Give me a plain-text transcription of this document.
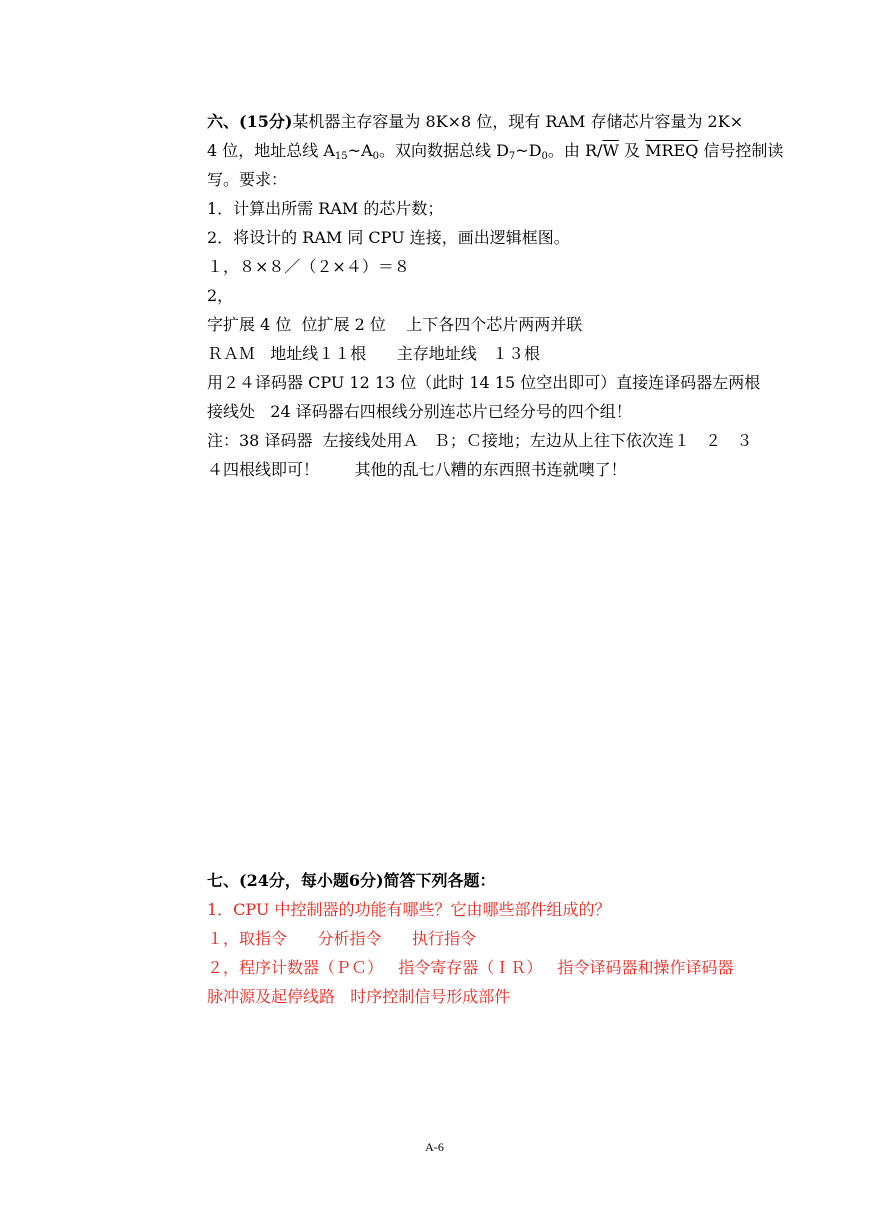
六、(15分)某机器主存容量为 8K×8 位，现有 RAM 存储芯片容量为 2K×
4 位，地址总线 $A_{15}\sim A_0$。双向数据总线 $D_7\sim D_0$。由 $R/\overline{W}$ 及 MREQ 信号控制读
写。要求：
1．计算出所需 RAM 的芯片数；
2．将设计的 RAM 同 CPU 连接，画出逻辑框图。
１，８×８／（２×４）＝８
2，
字扩展 4 位  位扩展 2 位    上下各四个芯片两两并联
ＲＡＭ   地址线１１根      主存地址线   １３根
用２４译码器 CPU 12 13 位（此时 14 15 位空出即可）直接连译码器左两根
接线处   24 译码器右四根线分别连芯片已经分号的四个组！
注：38 译码器  左接线处用Ａ   Ｂ；Ｃ接地；左边从上往下依次连１   ２   ３
４四根线即可！       其他的乱七八糟的东西照书连就噢了！
七、(24分，每小题6分)简答下列各题：
1．CPU 中控制器的功能有哪些？它由哪些部件组成的？
１，取指令      分析指令      执行指令
２，程序计数器（ＰＣ）   指令寄存器（ＩＲ）   指令译码器和操作译码器
脉冲源及起停线路   时序控制信号形成部件
A-6
